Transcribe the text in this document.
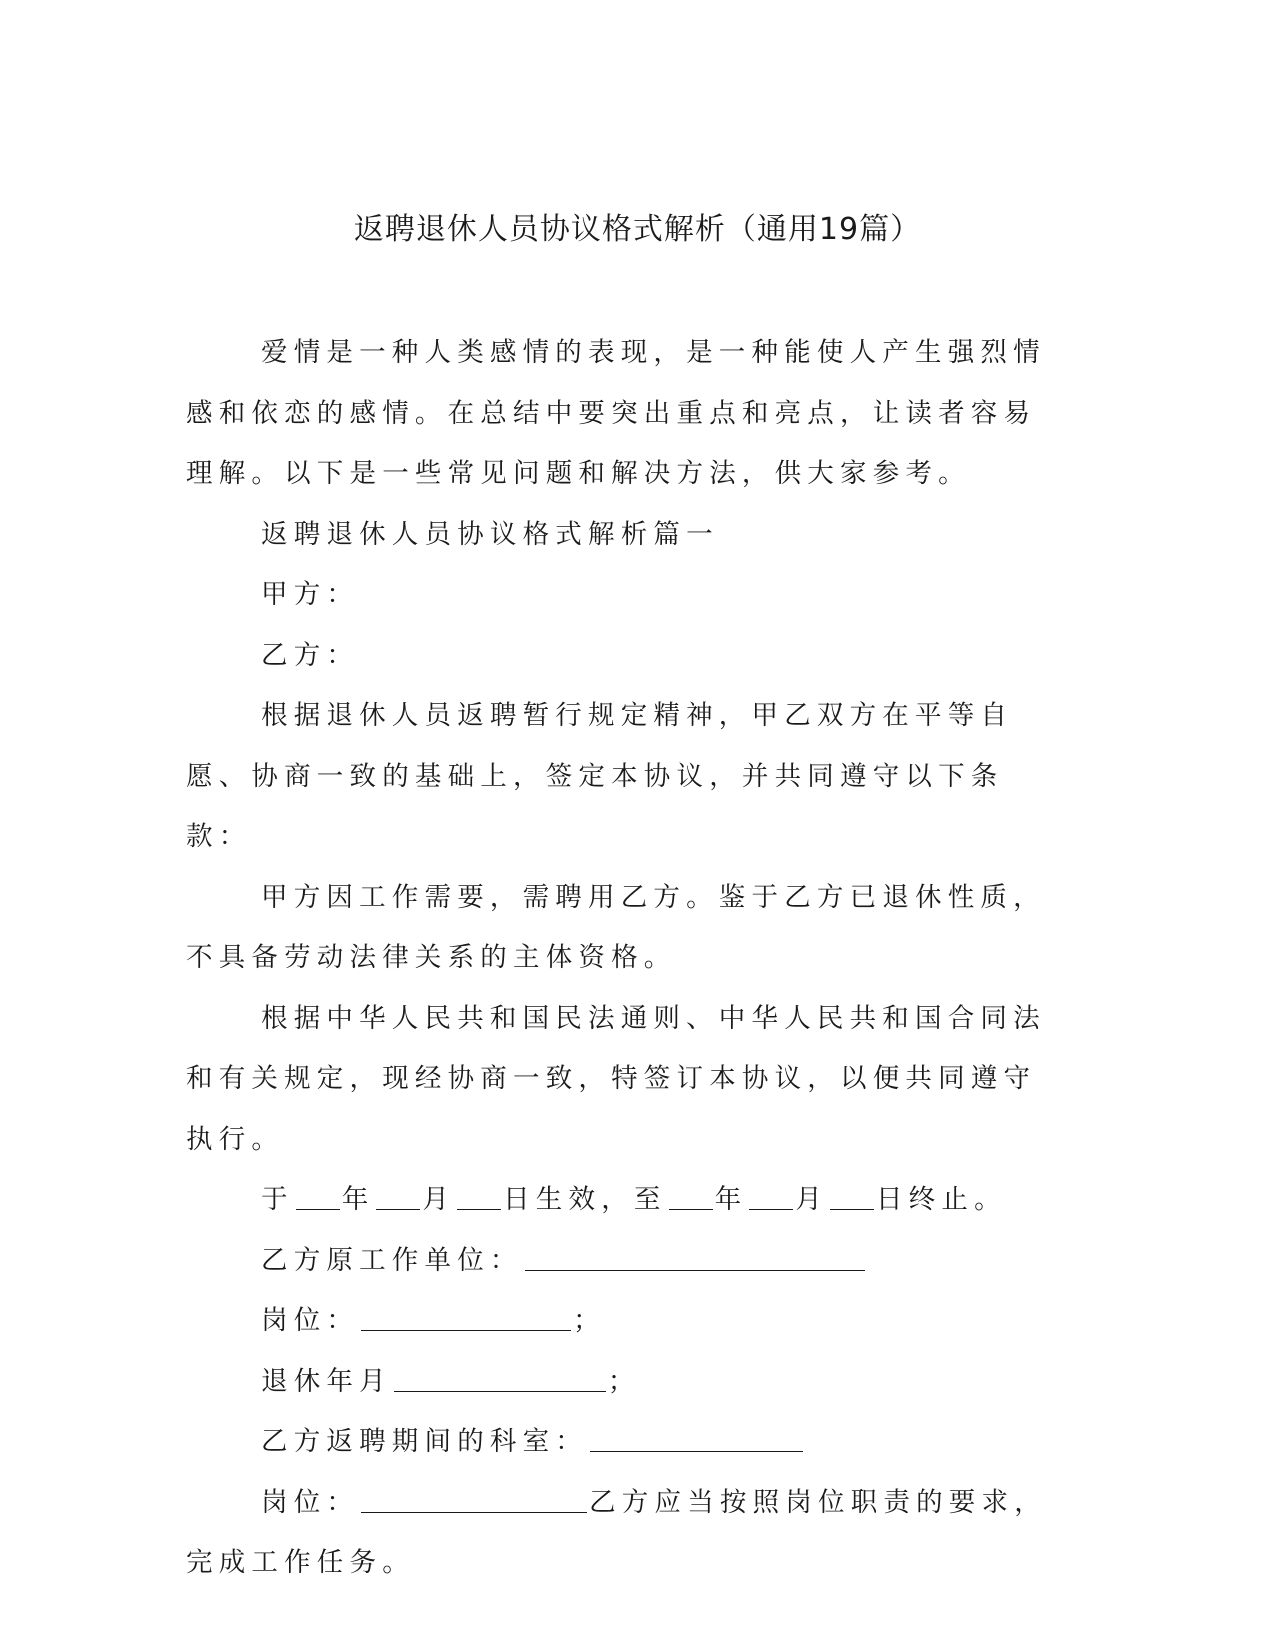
返聘退休人员协议格式解析（通用19篇）

爱情是一种人类感情的表现，是一种能使人产生强烈情感和依恋的感情。在总结中要突出重点和亮点，让读者容易理解。以下是一些常见问题和解决方法，供大家参考。

返聘退休人员协议格式解析篇一

甲方：

乙方：

根据退休人员返聘暂行规定精神，甲乙双方在平等自愿、协商一致的基础上，签定本协议，并共同遵守以下条款：

甲方因工作需要，需聘用乙方。鉴于乙方已退休性质，不具备劳动法律关系的主体资格。

根据中华人民共和国民法通则、中华人民共和国合同法和有关规定，现经协商一致，特签订本协议，以便共同遵守执行。

于 年 月 日生效，至 年 月 日终止。

乙方原工作单位：

岗位：	；

退休年月	；

乙方返聘期间的科室：

岗位：	乙方应当按照岗位职责的要求，完成工作任务。
